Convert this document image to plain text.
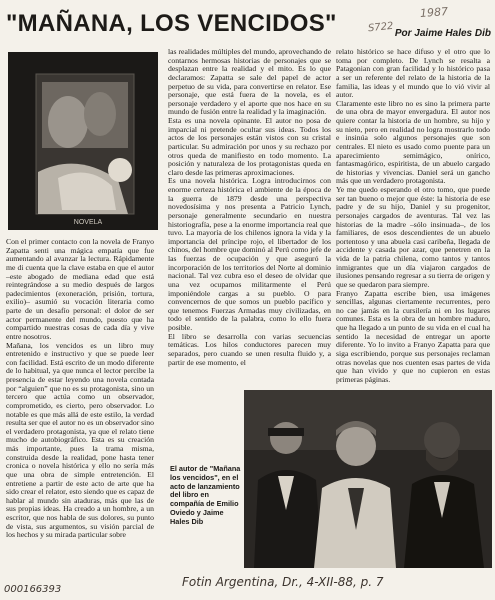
"MAÑANA, LOS VENCIDOS"	Por Jaime Hales Dib
S722
1987
NOVELA

Con el primer contacto con la novela de Franyo Zapatta senti una mágica empatía que fue aumentando al avanzar la lectura. Rápidamente me di cuenta que la clave estaba en que el autor –este abogado de mediana edad que está reintegrándose a su medio después de largos padecimientos (exoneración, prisión, tortura, exilio)– asumió su vocación literaria como parte de un desafío personal: el dolor de ser actor permanente del mundo, puesto que ha compartido nuestras cosas de cada día y vive entre nosotros.

Mañana, los vencidos es un libro muy entretenido e instructivo y que se puede leer con facilidad. Está escrito de un modo diferente de lo habitual, ya que nunca el lector percibe la presencia de estar leyendo una novela contada por “alguien” que no es su protagonista, sino un tercero que actúa como un observador, comprometido, es cierto, pero observador. Lo notable es que más allá de este estilo, la verdad resulta ser que el autor no es un observador sino el verdadero protagonista, ya que el relato tiene mucho de autobiográfico. Esta es su creación más importante, pues la trama misma, construida desde la realidad, pone hasta tener cronica o novela histórica y ello no sería más que una obra de simple entretención. El entretiene a partir de este acto de arte que ha sido crear el relator, esto siendo que es capaz de hablar al mundo sin ataduras, más que las de sus propias ideas. Ha creado a un hombre, a un escritor, que nos habla de sus dolores, su punto de vista, sus argumentos, su visión parcial de los hechos y su mirada particular sobre

las realidades múltiples del mundo, aprovechando de contarnos hermosas historias de personajes que se desplazan entre la realidad y el mito. Es lo que declaramos: Zapatta se sale del papel de actor perpetuo de su vida, para convertirse en relator. Ese personaje, que está fuera de la novela, es el personaje verdadero y el aporte que nos hace en su mundo de fusión entre la realidad y la imaginación.

Esta es una novela opinante. El autor no posa de imparcial ni pretende ocultar sus ideas. Todos los actos de los personajes están vistos con su cristal particular. Su admiración por unos y su rechazo por otros queda de manifiesto en todo momento. La posición y naturaleza de los protagonistas queda en claro desde las primeras aproximaciones.

Es una novela histórica. Logra introducirnos con enorme certeza histórica el ambiente de la época de la guerra de 1879 desde una perspectiva novedosísima y nos presenta a Patricio Lynch, personaje generalmente secundario en nuestra historiografía, pese a la enorme importancia real que tuvo. La mayoría de los chilenos ignora la vida y la importancia del príncipe rojo, el libertador de los chinos, del hombre que dominó al Perú como jefe de las fuerzas de ocupación y que aseguró la incorporación de los territorios del Norte al dominio nacional. Tal vez cubra eso el deseo de olvidar que una vez ocupamos militarmente el Perú imponiéndole cargas a su pueblo. O para convencernos de que somos un pueblo pacífico y que tenemos Fuerzas Armadas muy civilizadas, en todo el sentido de la palabra, como lo ello fuera posible.

El libro se desarrolla con varias secuencias temáticas. Los hilos conductores parecen muy separados, pero cuando se unen resulta fluido y, a partir de ese momento, el

relato histórico se hace difuso y el otro que lo toma por completo. De Lynch se resalta a Patagonian con gran facilidad y lo histórico pasa a ser un referente del relato de la historia de la familia, las ideas y el mundo que lo vió vivir al autor.

Claramente este libro no es sino la primera parte de una obra de mayor envergadura. El autor nos quiere contar la historia de un hombre, su hijo y su nieto, pero en realidad no logra mostrarlo todo e insinúa solo algunos personajes que son centrales. El nieto es usado como puente para un aparecimiento semimágico, onírico, fantasmagórico, espiritista, de un abuelo cargado de historias y vivencias. Daniel será un gancho más que un verdadero protagonista.

Ye me quedo esperando el otro tomo, que puede ser tan bueno o mejor que éste: la historia de ese padre y de su hijo, Daniel y su progenitor, personajes cargados de aventuras. Tal vez las historias de la madre –sólo insinuada–, de los familiares, de esos descendientes de un abuelo portentoso y una abuela casi caribeña, llegada de accidente y casada por azar, que penetren en la vida de la patria chilena, como tantos y tantos inmigrantes que un día viajaron cargados de ilusiones pensando regresar a su tierra de origen y que se quedaron para siempre.

Franyo Zapatta escribe bien, usa imágenes sencillas, algunas ciertamente recurrentes, pero no cae jamás en la cursilería ni en los lugares comunes. Esta es la obra de un hombre maduro, que ha llegado a un punto de su vida en el cual ha sentido la necesidad de entregar un aporte diferente. Yo lo invito a Franyo Zapatta para que siga escribiendo, porque sus personajes reclaman otras novelas que nos cuenten esas partes de vida que han vivido y que no cupieron en estas primeras páginas.

El autor de "Mañana los vencidos", en el acto de lanzamiento del libro en compañía de Emilio Oviedo y Jaime Hales Dib
000166393
Fotin Argentina, Dr., 4-XII-88, p. 7
